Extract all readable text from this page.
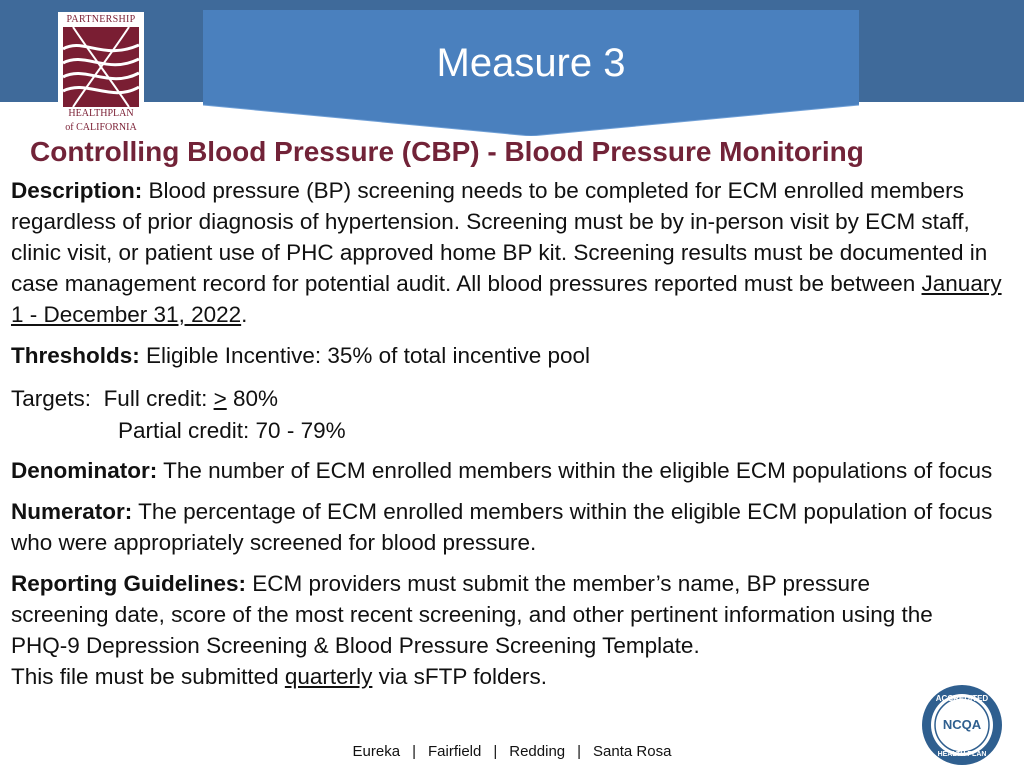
Measure 3
PARTNERSHIP
HEALTHPLAN
of CALIFORNIA
Controlling Blood Pressure (CBP) - Blood Pressure Monitoring

Description: Blood pressure (BP) screening needs to be completed for ECM enrolled members regardless of prior diagnosis of hypertension. Screening must be by in-person visit by ECM staff, clinic visit, or patient use of PHC approved home BP kit. Screening results must be documented in case management record for potential audit. All blood pressures reported must be between January 1 - December 31, 2022.

Thresholds: Eligible Incentive: 35% of total incentive pool

Targets: Full credit: > 80%
Partial credit: 70 - 79%

Denominator: The number of ECM enrolled members within the eligible ECM populations of focus

Numerator: The percentage of ECM enrolled members within the eligible ECM population of focus who were appropriately screened for blood pressure.

Reporting Guidelines: ECM providers must submit the member’s name, BP pressure screening date, score of the most recent screening, and other pertinent information using the PHQ-9 Depression Screening & Blood Pressure Screening Template.
This file must be submitted quarterly via sFTP folders.

Eureka | Fairfield | Redding | Santa Rosa
ACCREDITED
NCQA
HEALTH PLAN
